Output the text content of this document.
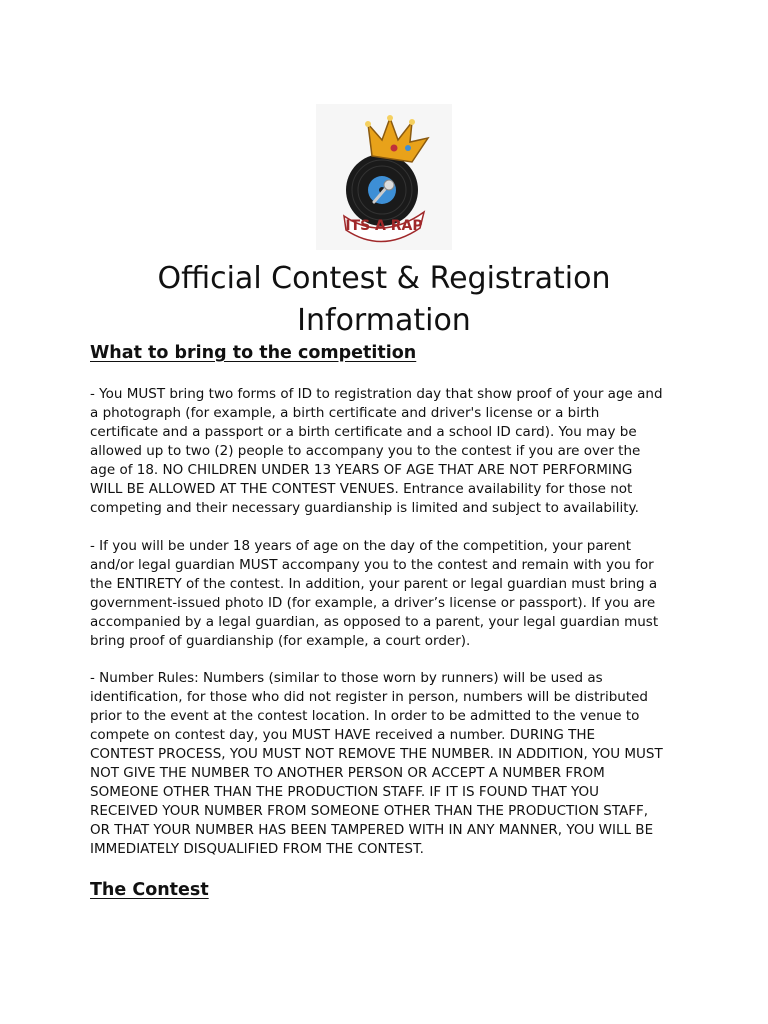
ITS A RAP
Official Contest & Registration
Information
What to bring to the competition

- You MUST bring two forms of ID to registration day that show proof of your age and
a photograph (for example, a birth certificate and driver's license or a birth
certificate and a passport or a birth certificate and a school ID card). You may be
allowed up to two (2) people to accompany you to the contest if you are over the
age of 18. NO CHILDREN UNDER 13 YEARS OF AGE THAT ARE NOT PERFORMING
WILL BE ALLOWED AT THE CONTEST VENUES. Entrance availability for those not
competing and their necessary guardianship is limited and subject to availability.

- If you will be under 18 years of age on the day of the competition, your parent
and/or legal guardian MUST accompany you to the contest and remain with you for
the ENTIRETY of the contest. In addition, your parent or legal guardian must bring a
government-issued photo ID (for example, a driver’s license or passport). If you are
accompanied by a legal guardian, as opposed to a parent, your legal guardian must
bring proof of guardianship (for example, a court order).

- Number Rules: Numbers (similar to those worn by runners) will be used as
identification, for those who did not register in person, numbers will be distributed
prior to the event at the contest location. In order to be admitted to the venue to
compete on contest day, you MUST HAVE received a number. DURING THE
CONTEST PROCESS, YOU MUST NOT REMOVE THE NUMBER. IN ADDITION, YOU MUST
NOT GIVE THE NUMBER TO ANOTHER PERSON OR ACCEPT A NUMBER FROM
SOMEONE OTHER THAN THE PRODUCTION STAFF. IF IT IS FOUND THAT YOU
RECEIVED YOUR NUMBER FROM SOMEONE OTHER THAN THE PRODUCTION STAFF,
OR THAT YOUR NUMBER HAS BEEN TAMPERED WITH IN ANY MANNER, YOU WILL BE
IMMEDIATELY DISQUALIFIED FROM THE CONTEST.

The Contest
